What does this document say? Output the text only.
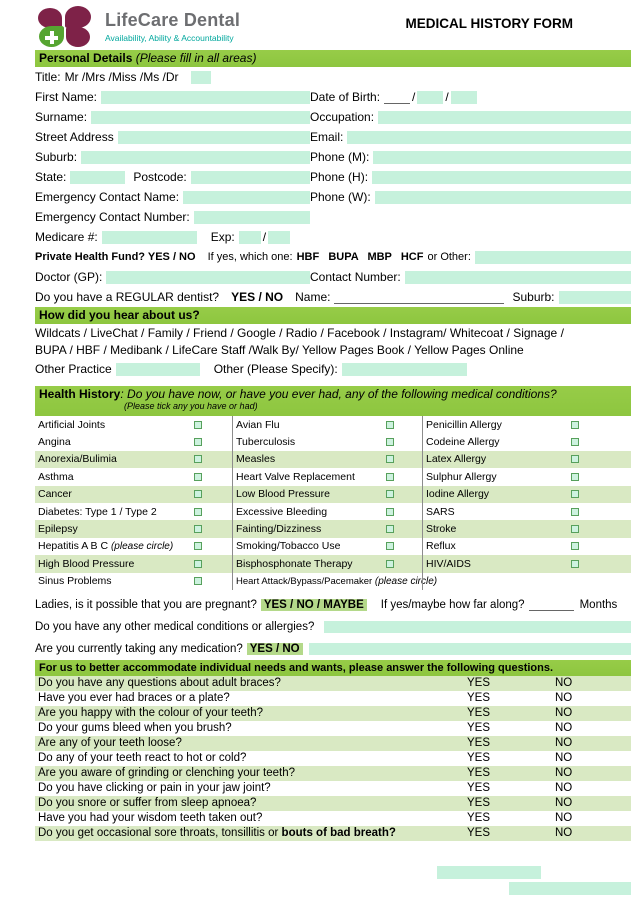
LifeCare Dental
Availability, Ability & Accountability
MEDICAL HISTORY FORM
Personal Details (Please fill in all areas)
Title: Mr /Mrs /Miss /Ms /Dr
First Name:	Date of Birth:	/	/
Surname:	Occupation:
Street Address	Email:
Suburb:	Phone (M):
State:	Postcode:	Phone (H):
Emergency Contact Name:	Phone (W):
Emergency Contact Number:
Medicare #:	Exp: /
Private Health Fund? YES / NO If yes, which one: HBF   BUPA   MBP   HCF or Other:
Doctor (GP):	Contact Number:
Do you have a REGULAR dentist? YES / NO Name:	Suburb:
How did you hear about us?
Wildcats / LiveChat / Family / Friend / Google / Radio / Facebook / Instagram/ Whitecoat / Signage /
BUPA / HBF / Medibank / LifeCare Staff /Walk By/ Yellow Pages Book / Yellow Pages Online
Other Practice	Other (Please Specify):
Health History: Do you have now, or have you ever had, any of the following medical conditions?
(Please tick any you have or had)
Artificial Joints	Avian Flu	Penicillin Allergy
Angina	Tuberculosis	Codeine Allergy
Anorexia/Bulimia	Measles	Latex Allergy
Asthma	Heart Valve Replacement	Sulphur Allergy
Cancer	Low Blood Pressure	Iodine Allergy
Diabetes: Type 1 / Type 2	Excessive Bleeding	SARS
Epilepsy	Fainting/Dizziness	Stroke
Hepatitis A B C (please circle)	Smoking/Tobacco Use	Reflux
High Blood Pressure	Bisphosphonate Therapy	HIV/AIDS
Sinus Problems	Heart Attack/Bypass/Pacemaker (please circle)
Ladies, is it possible that you are pregnant? YES / NO / MAYBE If yes/maybe how far along?	Months
Do you have any other medical conditions or allergies?
Are you currently taking any medication? YES / NO
For us to better accommodate individual needs and wants, please answer the following questions.
Do you have any questions about adult braces?	YES	NO
Have you ever had braces or a plate?	YES	NO
Are you happy with the colour of your teeth?	YES	NO
Do your gums bleed when you brush?	YES	NO
Are any of your teeth loose?	YES	NO
Do any of your teeth react to hot or cold?	YES	NO
Are you aware of grinding or clenching your teeth?	YES	NO
Do you have clicking or pain in your jaw joint?	YES	NO
Do you snore or suffer from sleep apnoea?	YES	NO
Have you had your wisdom teeth taken out?	YES	NO
Do you get occasional sore throats, tonsillitis or bouts of bad breath?	YES	NO
